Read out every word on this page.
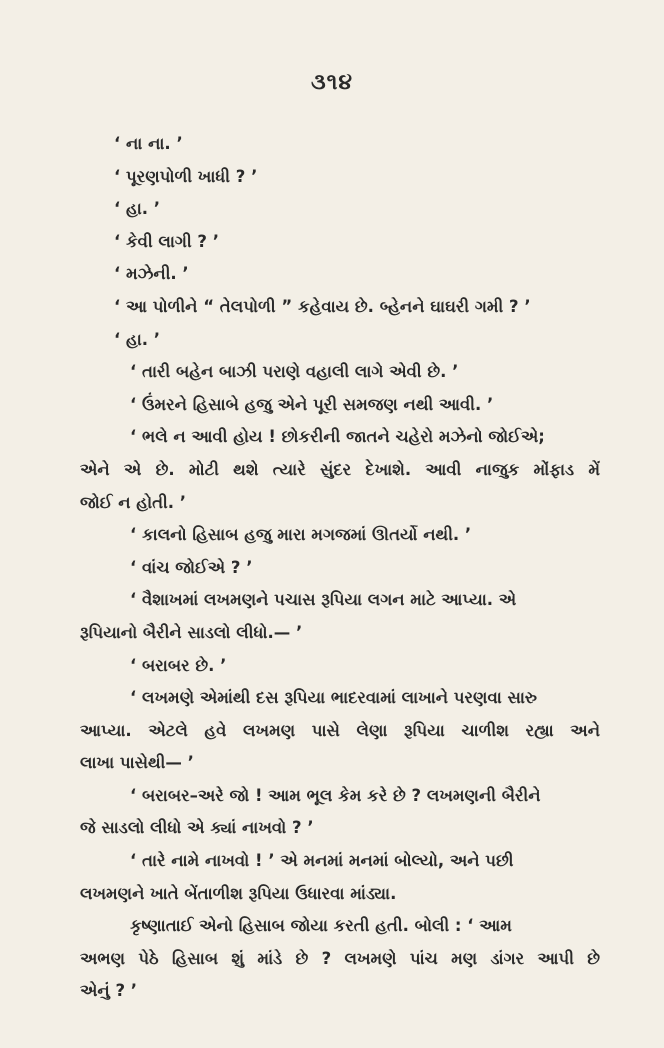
૩૧૪
‘ ના ના. ’
‘ પૂરણપોળી ખાધી ? ’
‘ હા. ’
‘ કેવી લાગી ? ’
‘ મઝેની. ’
‘ આ પોળીને “ તેલપોળી ” કહેવાય છે. બ્હેનને ઘાઘરી ગમી ? ’
‘ હા. ’
‘ તારી બહેન બાઝી પરાણે વહાલી લાગે એવી છે. ’
‘ ઉંમરને હિસાબે હજુ એને પૂરી સમજણ નથી આવી. ’
‘ ભલે ન આવી હોય ! છોકરીની જાતને ચહેરો મઝેનો જોઈએ;
એને એ છે. મોટી થશે ત્યારે સુંદર દેખાશે. આવી નાજુક મોંફાડ મેં
જોઈ ન હોતી. ’
‘ કાલનો હિસાબ હજુ મારા મગજમાં ઊતર્યો નથી. ’
‘ વાંચ જોઈએ ? ’
‘ વૈશાખમાં લખમણને પચાસ રૂપિયા લગન માટે આપ્યા. એ
રૂપિયાનો બૈરીને સાડલો લીધો.— ’
‘ બરાબર છે. ’
‘ લખમણે એમાંથી દસ રૂપિયા ભાદરવામાં લાખાને પરણવા સારુ
આપ્યા. એટલે હવે લખમણ પાસે લેણા રૂપિયા ચાળીશ રહ્યા અને
લાખા પાસેથી— ’
‘ બરાબર–અરે જો ! આમ ભૂલ કેમ કરે છે ? લખમણની બૈરીને
જે સાડલો લીધો એ ક્યાં નાખવો ? ’
‘ તારે નામે નાખવો ! ’ એ મનમાં મનમાં બોલ્યો, અને પછી
લખમણને ખાતે બેંતાળીશ રૂપિયા ઉધારવા માંડ્યા.
કૃષ્ણાતાઈ એનો હિસાબ જોયા કરતી હતી. બોલી : ‘ આમ
અભણ પેઠે હિસાબ શું માંડે છે ? લખમણે પાંચ મણ ડાંગર આપી છે
એનું ? ’
